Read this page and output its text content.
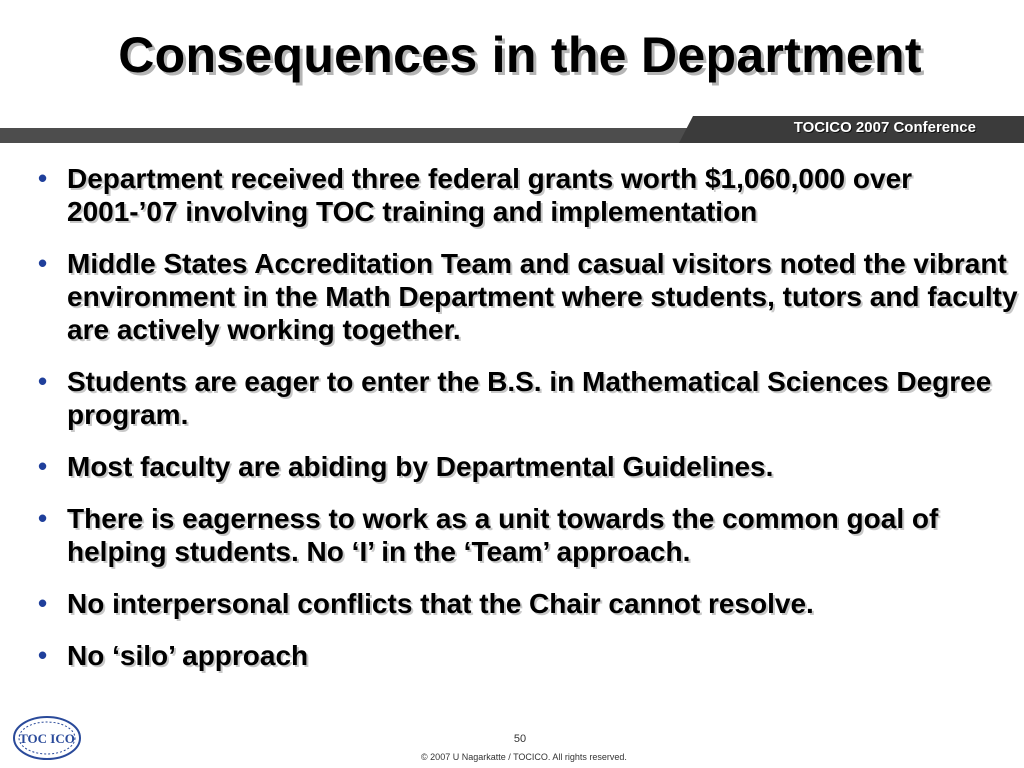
Consequences in the Department
TOCICO 2007 Conference
• Department received three federal grants worth $1,060,000 over 2001-’07 involving TOC training and implementation
• Middle States Accreditation Team and casual visitors noted the vibrant environment in the Math Department where students, tutors and faculty are actively working together.
• Students are eager to enter the B.S. in Mathematical Sciences Degree program.
• Most faculty are abiding by Departmental Guidelines.
• There is eagerness to work as a unit towards the common goal of helping students. No ‘I’ in the ‘Team’ approach.
• No interpersonal conflicts that the Chair cannot resolve.
• No ‘silo’ approach
TOC ICO	50
© 2007 U Nagarkatte / TOCICO. All rights reserved.
